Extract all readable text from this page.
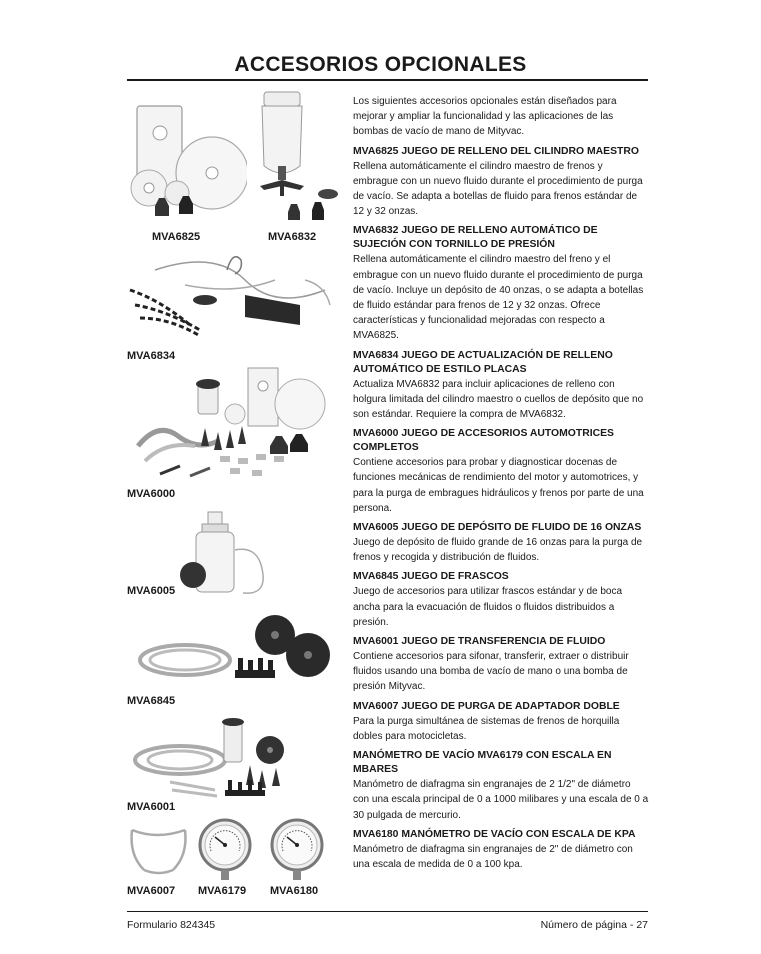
ACCESORIOS OPCIONALES
MVA6825	MVA6832
MVA6834
MVA6000
MVA6005
MVA6845
MVA6001
MVA6007 MVA6179 MVA6180

Los siguientes accesorios opcionales están diseñados para mejorar y ampliar la funcionalidad y las aplicaciones de las bombas de vacío de mano de Mityvac.

MVA6825 JUEGO DE RELLENO DEL CILINDRO MAESTRO

Rellena automáticamente el cilindro maestro de frenos y embrague con un nuevo fluido durante el procedimiento de purga de vacío. Se adapta a botellas de fluido para frenos estándar de 12 y 32 onzas.

MVA6832 JUEGO DE RELLENO AUTOMÁTICO DE SUJECIÓN CON TORNILLO DE PRESIÓN

Rellena automáticamente el cilindro maestro del freno y el embrague con un nuevo fluido durante el procedimiento de purga de vacío. Incluye un depósito de 40 onzas, o se adapta a botellas de fluido estándar para frenos de 12 y 32 onzas. Ofrece características y funcionalidad mejoradas con respecto a MVA6825.

MVA6834 JUEGO DE ACTUALIZACIÓN DE RELLENO AUTOMÁTICO DE ESTILO PLACAS

Actualiza MVA6832 para incluir aplicaciones de relleno con holgura limitada del cilindro maestro o cuellos de depósito que no son estándar. Requiere la compra de MVA6832.

MVA6000 JUEGO DE ACCESORIOS AUTOMOTRICES COMPLETOS

Contiene accesorios para probar y diagnosticar docenas de funciones mecánicas de rendimiento del motor y automotrices, y para la purga de embragues hidráulicos y frenos por parte de una persona.

MVA6005 JUEGO DE DEPÓSITO DE FLUIDO DE 16 ONZAS

Juego de depósito de fluido grande de 16 onzas para la purga de frenos y recogida y distribución de fluidos.

MVA6845 JUEGO DE FRASCOS

Juego de accesorios para utilizar frascos estándar y de boca ancha para la evacuación de fluidos o fluidos distribuidos a presión.

MVA6001 JUEGO DE TRANSFERENCIA DE FLUIDO

Contiene accesorios para sifonar, transferir, extraer o distribuir fluidos usando una bomba de vacío de mano o una bomba de presión Mityvac.

MVA6007 JUEGO DE PURGA DE ADAPTADOR DOBLE

Para la purga simultánea de sistemas de frenos de horquilla dobles para motocicletas.

MANÓMETRO DE VACÍO MVA6179 CON ESCALA EN MBARES

Manómetro de diafragma sin engranajes de 2 1/2" de diámetro con una escala principal de 0 a 1000 milibares y una escala de 0 a 30 pulgada de mercurio.

MVA6180 MANÓMETRO DE VACÍO CON ESCALA DE KPA

Manómetro de diafragma sin engranajes de 2" de diámetro con una escala de medida de 0 a 100 kpa.

Formulario 824345	Número de página - 27
